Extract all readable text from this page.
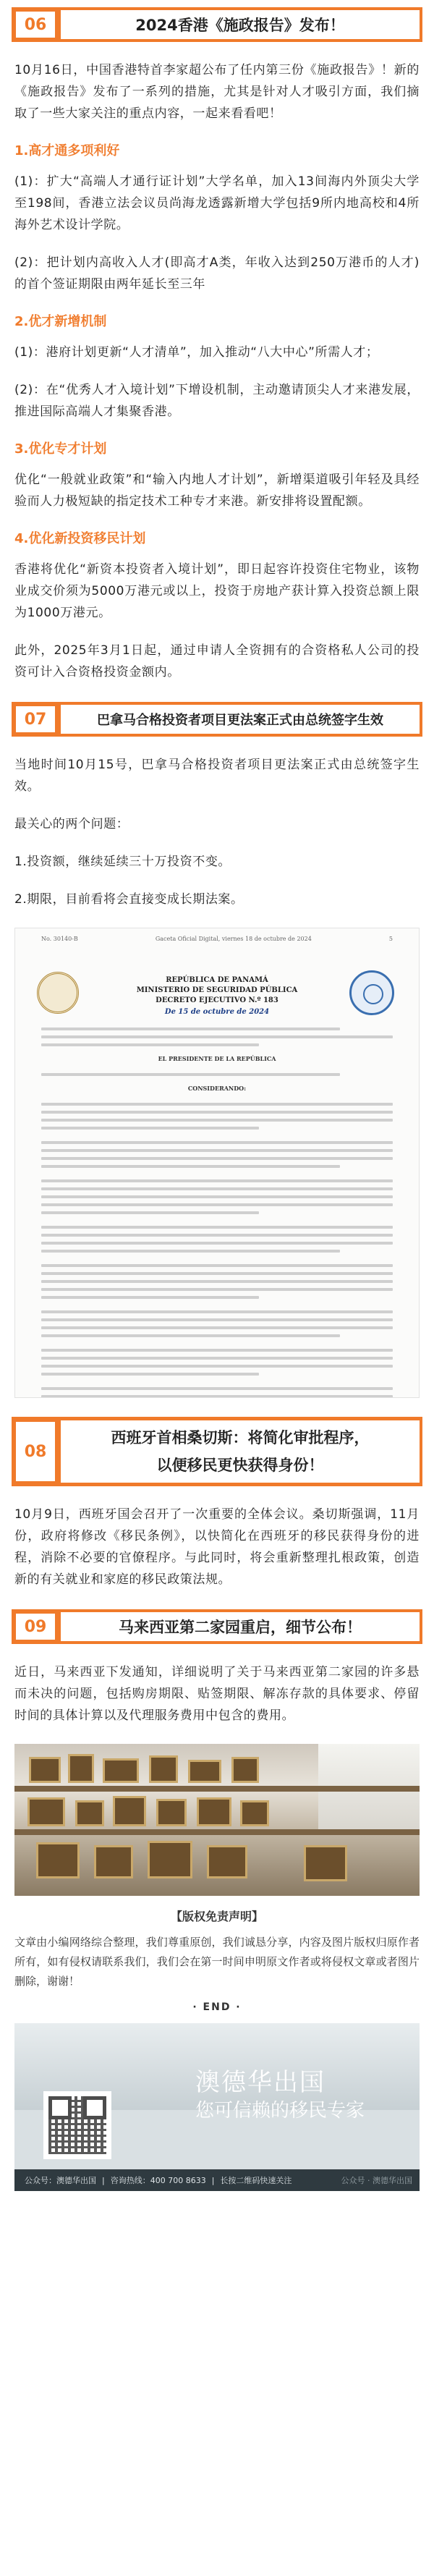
06	2024香港《施政报告》发布！

10月16日，中国香港特首李家超公布了任内第三份《施政报告》！新的《施政报告》发布了一系列的措施，尤其是针对人才吸引方面，我们摘取了一些大家关注的重点内容，一起来看看吧！

1.高才通多项利好

(1)：扩大“高端人才通行证计划”大学名单，加入13间海内外顶尖大学至198间，香港立法会议员尚海龙透露新增大学包括9所内地高校和4所海外艺术设计学院。

(2)：把计划内高收入人才(即高才A类，年收入达到250万港币的人才)的首个签证期限由两年延长至三年

2.优才新增机制

(1)：港府计划更新“人才清单”，加入推动“八大中心”所需人才；

(2)：在“优秀人才入境计划”下增设机制，主动邀请顶尖人才来港发展，推进国际高端人才集聚香港。

3.优化专才计划

优化“一般就业政策”和“输入内地人才计划”，新增渠道吸引年轻及具经验而人力极短缺的指定技术工种专才来港。新安排将设置配额。

4.优化新投资移民计划

香港将优化“新资本投资者入境计划”，即日起容许投资住宅物业，该物业成交价须为5000万港元或以上，投资于房地产获计算入投资总额上限为1000万港元。

此外，2025年3月1日起，通过申请人全资拥有的合资格私人公司的投资可计入合资格投资金额内。

07	巴拿马合格投资者项目更法案正式由总统签字生效

当地时间10月15号，巴拿马合格投资者项目更法案正式由总统签字生效。

最关心的两个问题：

1.投资额，继续延续三十万投资不变。

2.期限，目前看将会直接变成长期法案。

No. 30140-B	Gaceta Oficial Digital, viernes 18 de octubre de 2024	5
REPÚBLICA DE PANAMÁ
MINISTERIO DE SEGURIDAD PÚBLICA
DECRETO EJECUTIVO N.º 183
De 15 de octubre de 2024
EL PRESIDENTE DE LA REPÚBLICA
CONSIDERANDO:
08
西班牙首相桑切斯：将简化审批程序，
以便移民更快获得身份！

10月9日，西班牙国会召开了一次重要的全体会议。桑切斯强调，11月份，政府将修改《移民条例》，以快简化在西班牙的移民获得身份的进程，消除不必要的官僚程序。与此同时，将会重新整理扎根政策，创造新的有关就业和家庭的移民政策法规。

09	马来西亚第二家园重启，细节公布！

近日，马来西亚下发通知，详细说明了关于马来西亚第二家园的许多悬而未决的问题，包括购房期限、贴签期限、解冻存款的具体要求、停留时间的具体计算以及代理服务费用中包含的费用。

【版权免责声明】

文章由小编网络综合整理，我们尊重原创，我们诚恳分享，内容及图片版权归原作者所有，如有侵权请联系我们，我们会在第一时间申明原文作者或将侵权文章或者图片删除，谢谢！

· END ·
澳德华出国
您可信赖的移民专家
公众号：澳德华出国 | 咨询热线：400 700 8633 | 长按二维码快速关注	公众号 · 澳德华出国
